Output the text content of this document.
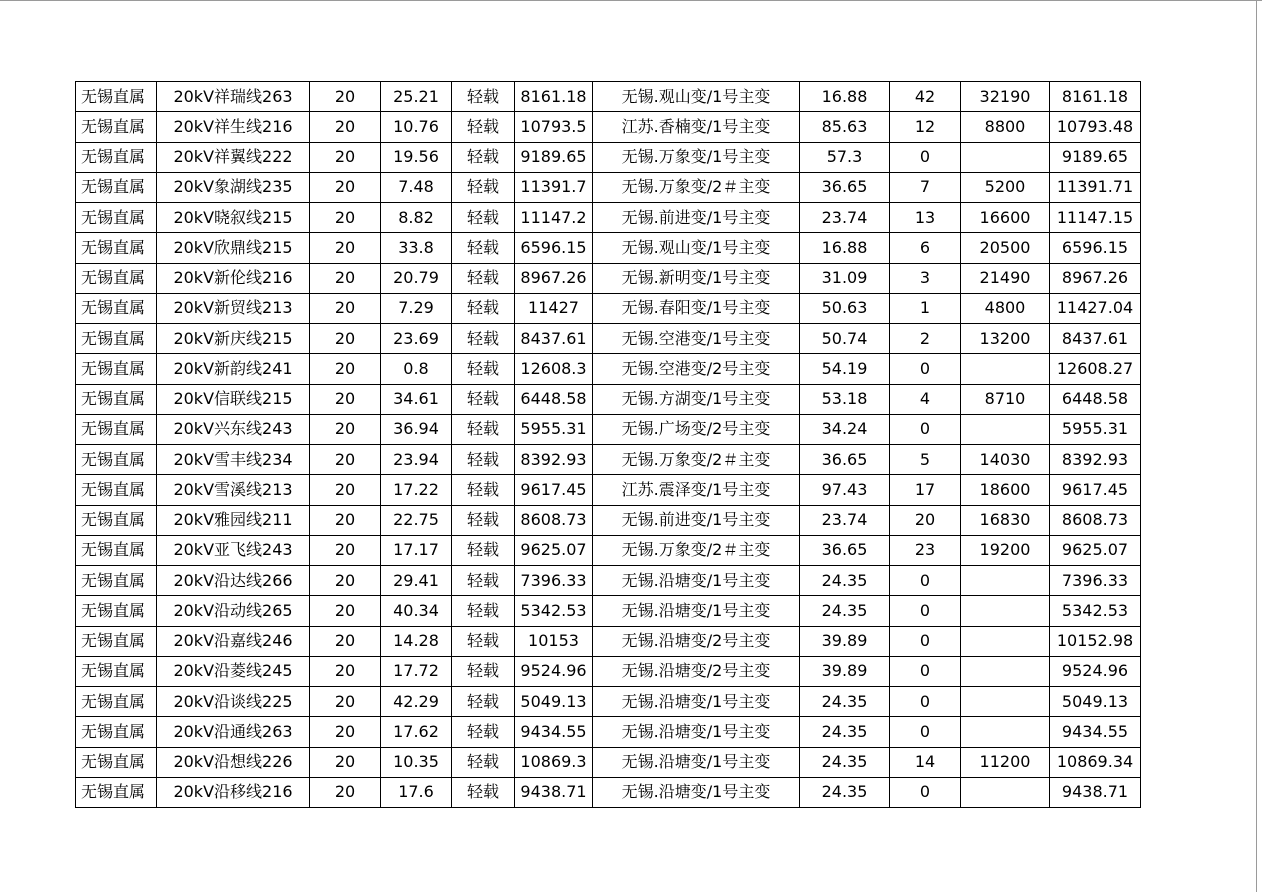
无锡直属	20kV祥瑞线263	20	25.21	轻载	8161.18	无锡.观山变/1号主变	16.88	42	32190	8161.18
无锡直属	20kV祥生线216	20	10.76	轻载	10793.5	江苏.香楠变/1号主变	85.63	12	8800	10793.48
无锡直属	20kV祥翼线222	20	19.56	轻载	9189.65	无锡.万象变/1号主变	57.3	0		9189.65
无锡直属	20kV象湖线235	20	7.48	轻载	11391.7	无锡.万象变/2＃主变	36.65	7	5200	11391.71
无锡直属	20kV晓叙线215	20	8.82	轻载	11147.2	无锡.前进变/1号主变	23.74	13	16600	11147.15
无锡直属	20kV欣鼎线215	20	33.8	轻载	6596.15	无锡.观山变/1号主变	16.88	6	20500	6596.15
无锡直属	20kV新伦线216	20	20.79	轻载	8967.26	无锡.新明变/1号主变	31.09	3	21490	8967.26
无锡直属	20kV新贸线213	20	7.29	轻载	11427	无锡.春阳变/1号主变	50.63	1	4800	11427.04
无锡直属	20kV新庆线215	20	23.69	轻载	8437.61	无锡.空港变/1号主变	50.74	2	13200	8437.61
无锡直属	20kV新韵线241	20	0.8	轻载	12608.3	无锡.空港变/2号主变	54.19	0		12608.27
无锡直属	20kV信联线215	20	34.61	轻载	6448.58	无锡.方湖变/1号主变	53.18	4	8710	6448.58
无锡直属	20kV兴东线243	20	36.94	轻载	5955.31	无锡.广场变/2号主变	34.24	0		5955.31
无锡直属	20kV雪丰线234	20	23.94	轻载	8392.93	无锡.万象变/2＃主变	36.65	5	14030	8392.93
无锡直属	20kV雪溪线213	20	17.22	轻载	9617.45	江苏.震泽变/1号主变	97.43	17	18600	9617.45
无锡直属	20kV雅园线211	20	22.75	轻载	8608.73	无锡.前进变/1号主变	23.74	20	16830	8608.73
无锡直属	20kV亚飞线243	20	17.17	轻载	9625.07	无锡.万象变/2＃主变	36.65	23	19200	9625.07
无锡直属	20kV沿达线266	20	29.41	轻载	7396.33	无锡.沿塘变/1号主变	24.35	0		7396.33
无锡直属	20kV沿动线265	20	40.34	轻载	5342.53	无锡.沿塘变/1号主变	24.35	0		5342.53
无锡直属	20kV沿嘉线246	20	14.28	轻载	10153	无锡.沿塘变/2号主变	39.89	0		10152.98
无锡直属	20kV沿菱线245	20	17.72	轻载	9524.96	无锡.沿塘变/2号主变	39.89	0		9524.96
无锡直属	20kV沿谈线225	20	42.29	轻载	5049.13	无锡.沿塘变/1号主变	24.35	0		5049.13
无锡直属	20kV沿通线263	20	17.62	轻载	9434.55	无锡.沿塘变/1号主变	24.35	0		9434.55
无锡直属	20kV沿想线226	20	10.35	轻载	10869.3	无锡.沿塘变/1号主变	24.35	14	11200	10869.34
无锡直属	20kV沿移线216	20	17.6	轻载	9438.71	无锡.沿塘变/1号主变	24.35	0		9438.71
